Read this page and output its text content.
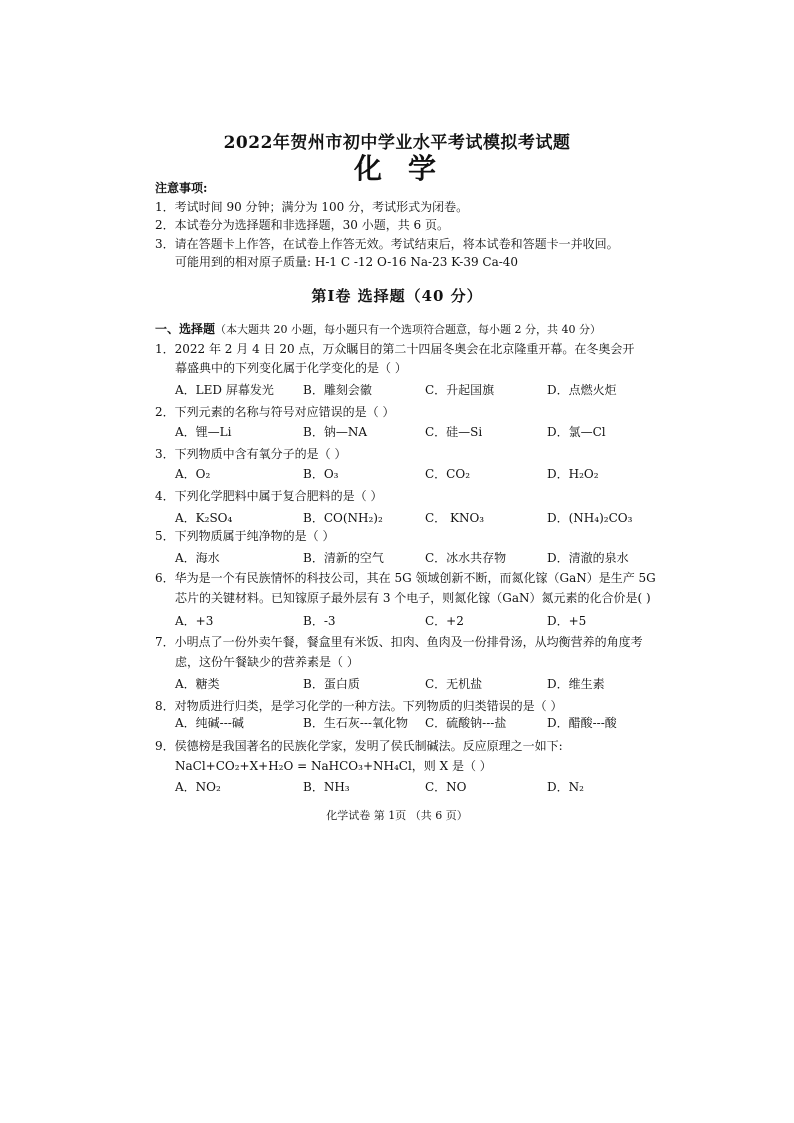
2022年贺州市初中学业水平考试模拟考试题
化学
注意事项:
1．考试时间 90 分钟；满分为 100 分，考试形式为闭卷。
2．本试卷分为选择题和非选择题，30 小题，共 6 页。
3．请在答题卡上作答，在试卷上作答无效。考试结束后，将本试卷和答题卡一并收回。
可能用到的相对原子质量: H-1 C -12 O-16 Na-23 K-39 Ca-40
第Ⅰ卷 选择题（40 分）
一、选择题（本大题共 20 小题，每小题只有一个选项符合题意，每小题 2 分，共 40 分）
1．2022 年 2 月 4 日 20 点，万众瞩目的第二十四届冬奥会在北京隆重开幕。在冬奥会开
幕盛典中的下列变化属于化学变化的是（ ）
A．LED 屏幕发光 B．雕刻会徽	C．升起国旗	D．点燃火炬
2．下列元素的名称与符号对应错误的是（ ）
A．锂—Li	B．钠—NA	C．硅—Si	D．氯—Cl
3．下列物质中含有氧分子的是（ ）
A．O₂	B．O₃	C．CO₂	D．H₂O₂
4．下列化学肥料中属于复合肥料的是（ ）
A．K₂SO₄	B．CO(NH₂)₂	C． KNO₃	D．(NH₄)₂CO₃
5．下列物质属于纯净物的是（ ）
A．海水	B．清新的空气	C．冰水共存物	D．清澈的泉水
6．华为是一个有民族情怀的科技公司，其在 5G 领域创新不断，而氮化镓（GaN）是生产 5G
芯片的关键材料。已知镓原子最外层有 3 个电子，则氮化镓（GaN）氮元素的化合价是( )
A．+3	B．-3	C．+2	D．+5
7．小明点了一份外卖午餐，餐盒里有米饭、扣肉、鱼肉及一份排骨汤，从均衡营养的角度考
虑，这份午餐缺少的营养素是（ ）
A．糖类	B．蛋白质	C．无机盐	D．维生素
8．对物质进行归类，是学习化学的一种方法。下列物质的归类错误的是（ ）
A．纯碱---碱	B．生石灰---氧化物 C．硫酸钠---盐	D．醋酸---酸
9．侯德榜是我国著名的民族化学家，发明了侯氏制碱法。反应原理之一如下:
NaCl+CO₂+X+H₂O = NaHCO₃+NH₄Cl，则 X 是（ ）
A．NO₂	B．NH₃	C．NO	D．N₂
化学试卷 第 1页 （共 6 页）
